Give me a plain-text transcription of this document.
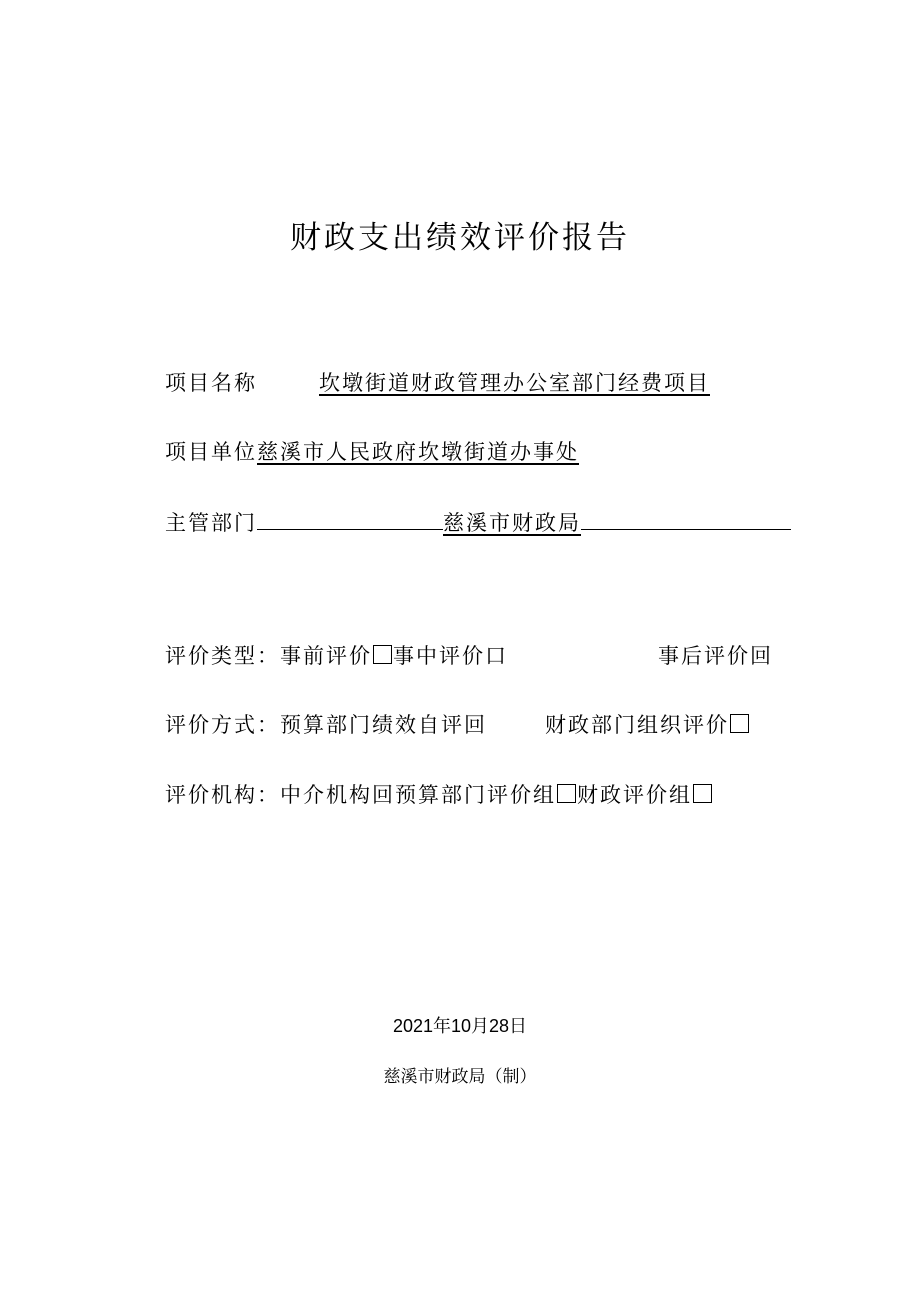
财政支出绩效评价报告
项目名称	坎墩街道财政管理办公室部门经费项目
项目单位慈溪市人民政府坎墩街道办事处
主管部门	慈溪市财政局
评价类型：事前评价 事中评价口	事后评价回
评价方式：预算部门绩效自评回	财政部门组织评价
评价机构：中介机构回预算部门评价组 财政评价组
2021年10月28日
慈溪市财政局（制）
